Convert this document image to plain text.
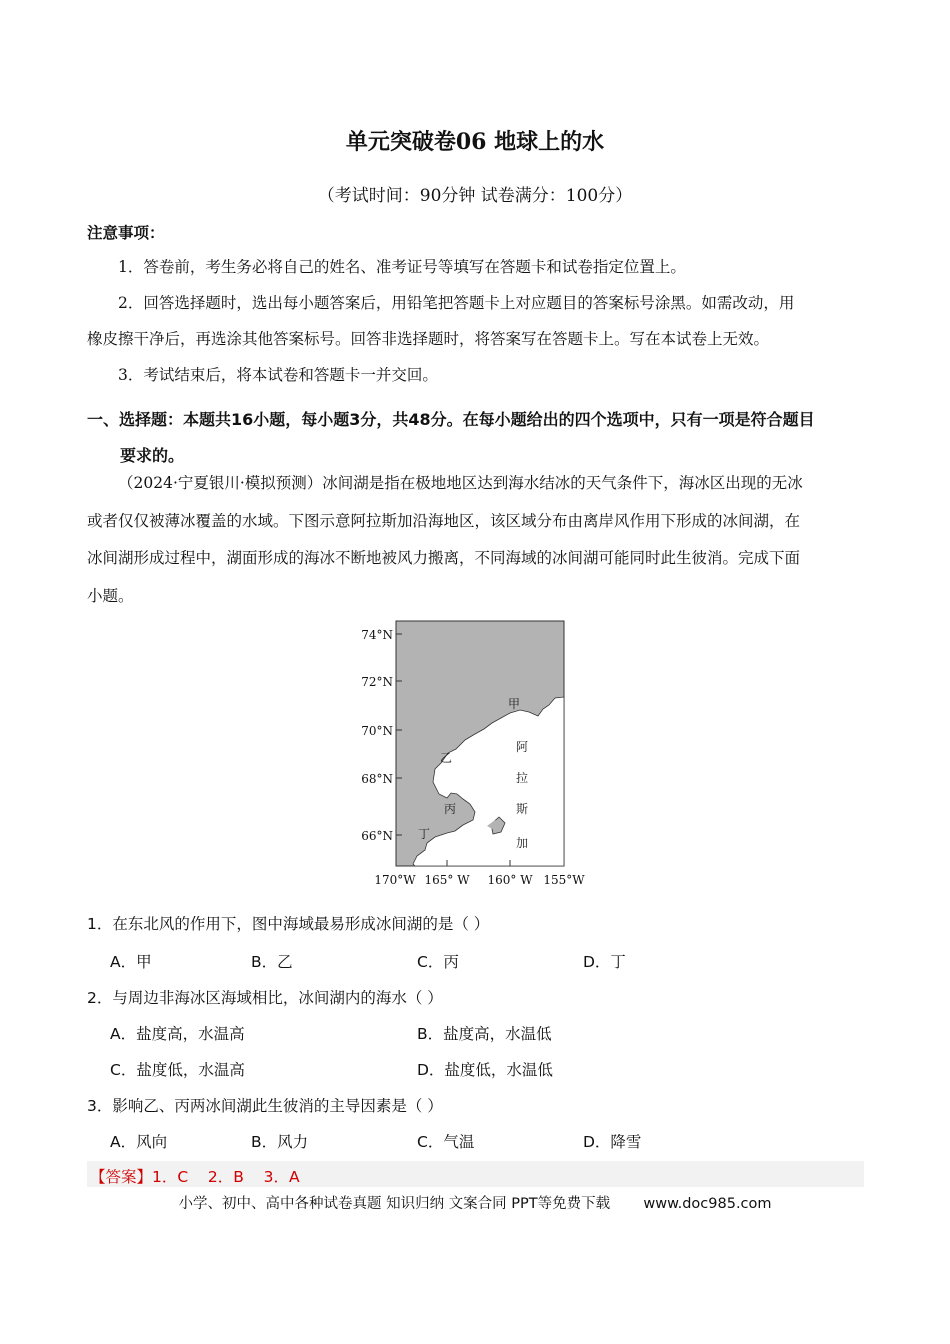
单元突破卷06 地球上的水
（考试时间：90分钟 试卷满分：100分）
注意事项：
1．答卷前，考生务必将自己的姓名、准考证号等填写在答题卡和试卷指定位置上。
2．回答选择题时，选出每小题答案后，用铅笔把答题卡上对应题目的答案标号涂黑。如需改动，用
橡皮擦干净后，再选涂其他答案标号。回答非选择题时，将答案写在答题卡上。写在本试卷上无效。
3．考试结束后，将本试卷和答题卡一并交回。
一、选择题：本题共16小题，每小题3分，共48分。在每小题给出的四个选项中，只有一项是符合题目
要求的。
（2024·宁夏银川·模拟预测）冰间湖是指在极地地区达到海水结冰的天气条件下，海冰区出现的无冰
或者仅仅被薄冰覆盖的水域。下图示意阿拉斯加沿海地区，该区域分布由离岸风作用下形成的冰间湖，在
冰间湖形成过程中，湖面形成的海冰不断地被风力搬离，不同海域的冰间湖可能同时此生彼消。完成下面
小题。
74°N
72°N
70°N
68°N
66°N
170°W 165° W 160° W 155°W
甲
乙
丙
丁
阿
拉
斯
加
1．在东北风的作用下，图中海域最易形成冰间湖的是（ ）
A．甲	B．乙	C．丙	D．丁
2．与周边非海冰区海域相比，冰间湖内的海水（ ）
A．盐度高，水温高	B．盐度高，水温低
C．盐度低，水温高	D．盐度低，水温低
3．影响乙、丙两冰间湖此生彼消的主导因素是（ ）
A．风向	B．风力	C．气温	D．降雪
【答案】1．C    2．B    3．A
小学、初中、高中各种试卷真题 知识归纳 文案合同 PPT等免费下载 www.doc985.com
